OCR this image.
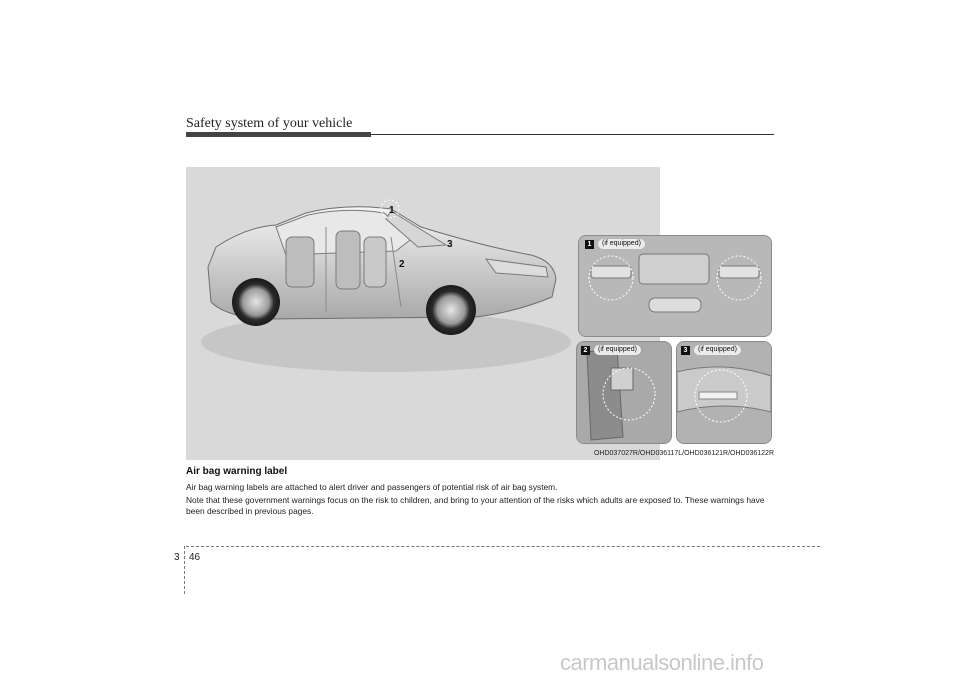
Safety system of your vehicle
1
2
3	1	(if equipped)
2	(if equipped)	3	(if equipped)
OHD037027R/OHD036117L/OHD036121R/OHD036122R
Air bag warning label

Air bag warning labels are attached to alert driver and passengers of potential risk of air bag system.

Note that these government warnings focus on the risk to children, and bring to your attention of the risks which adults are exposed to. These warnings have been described in previous pages.

3 46
carmanualsonline.info
